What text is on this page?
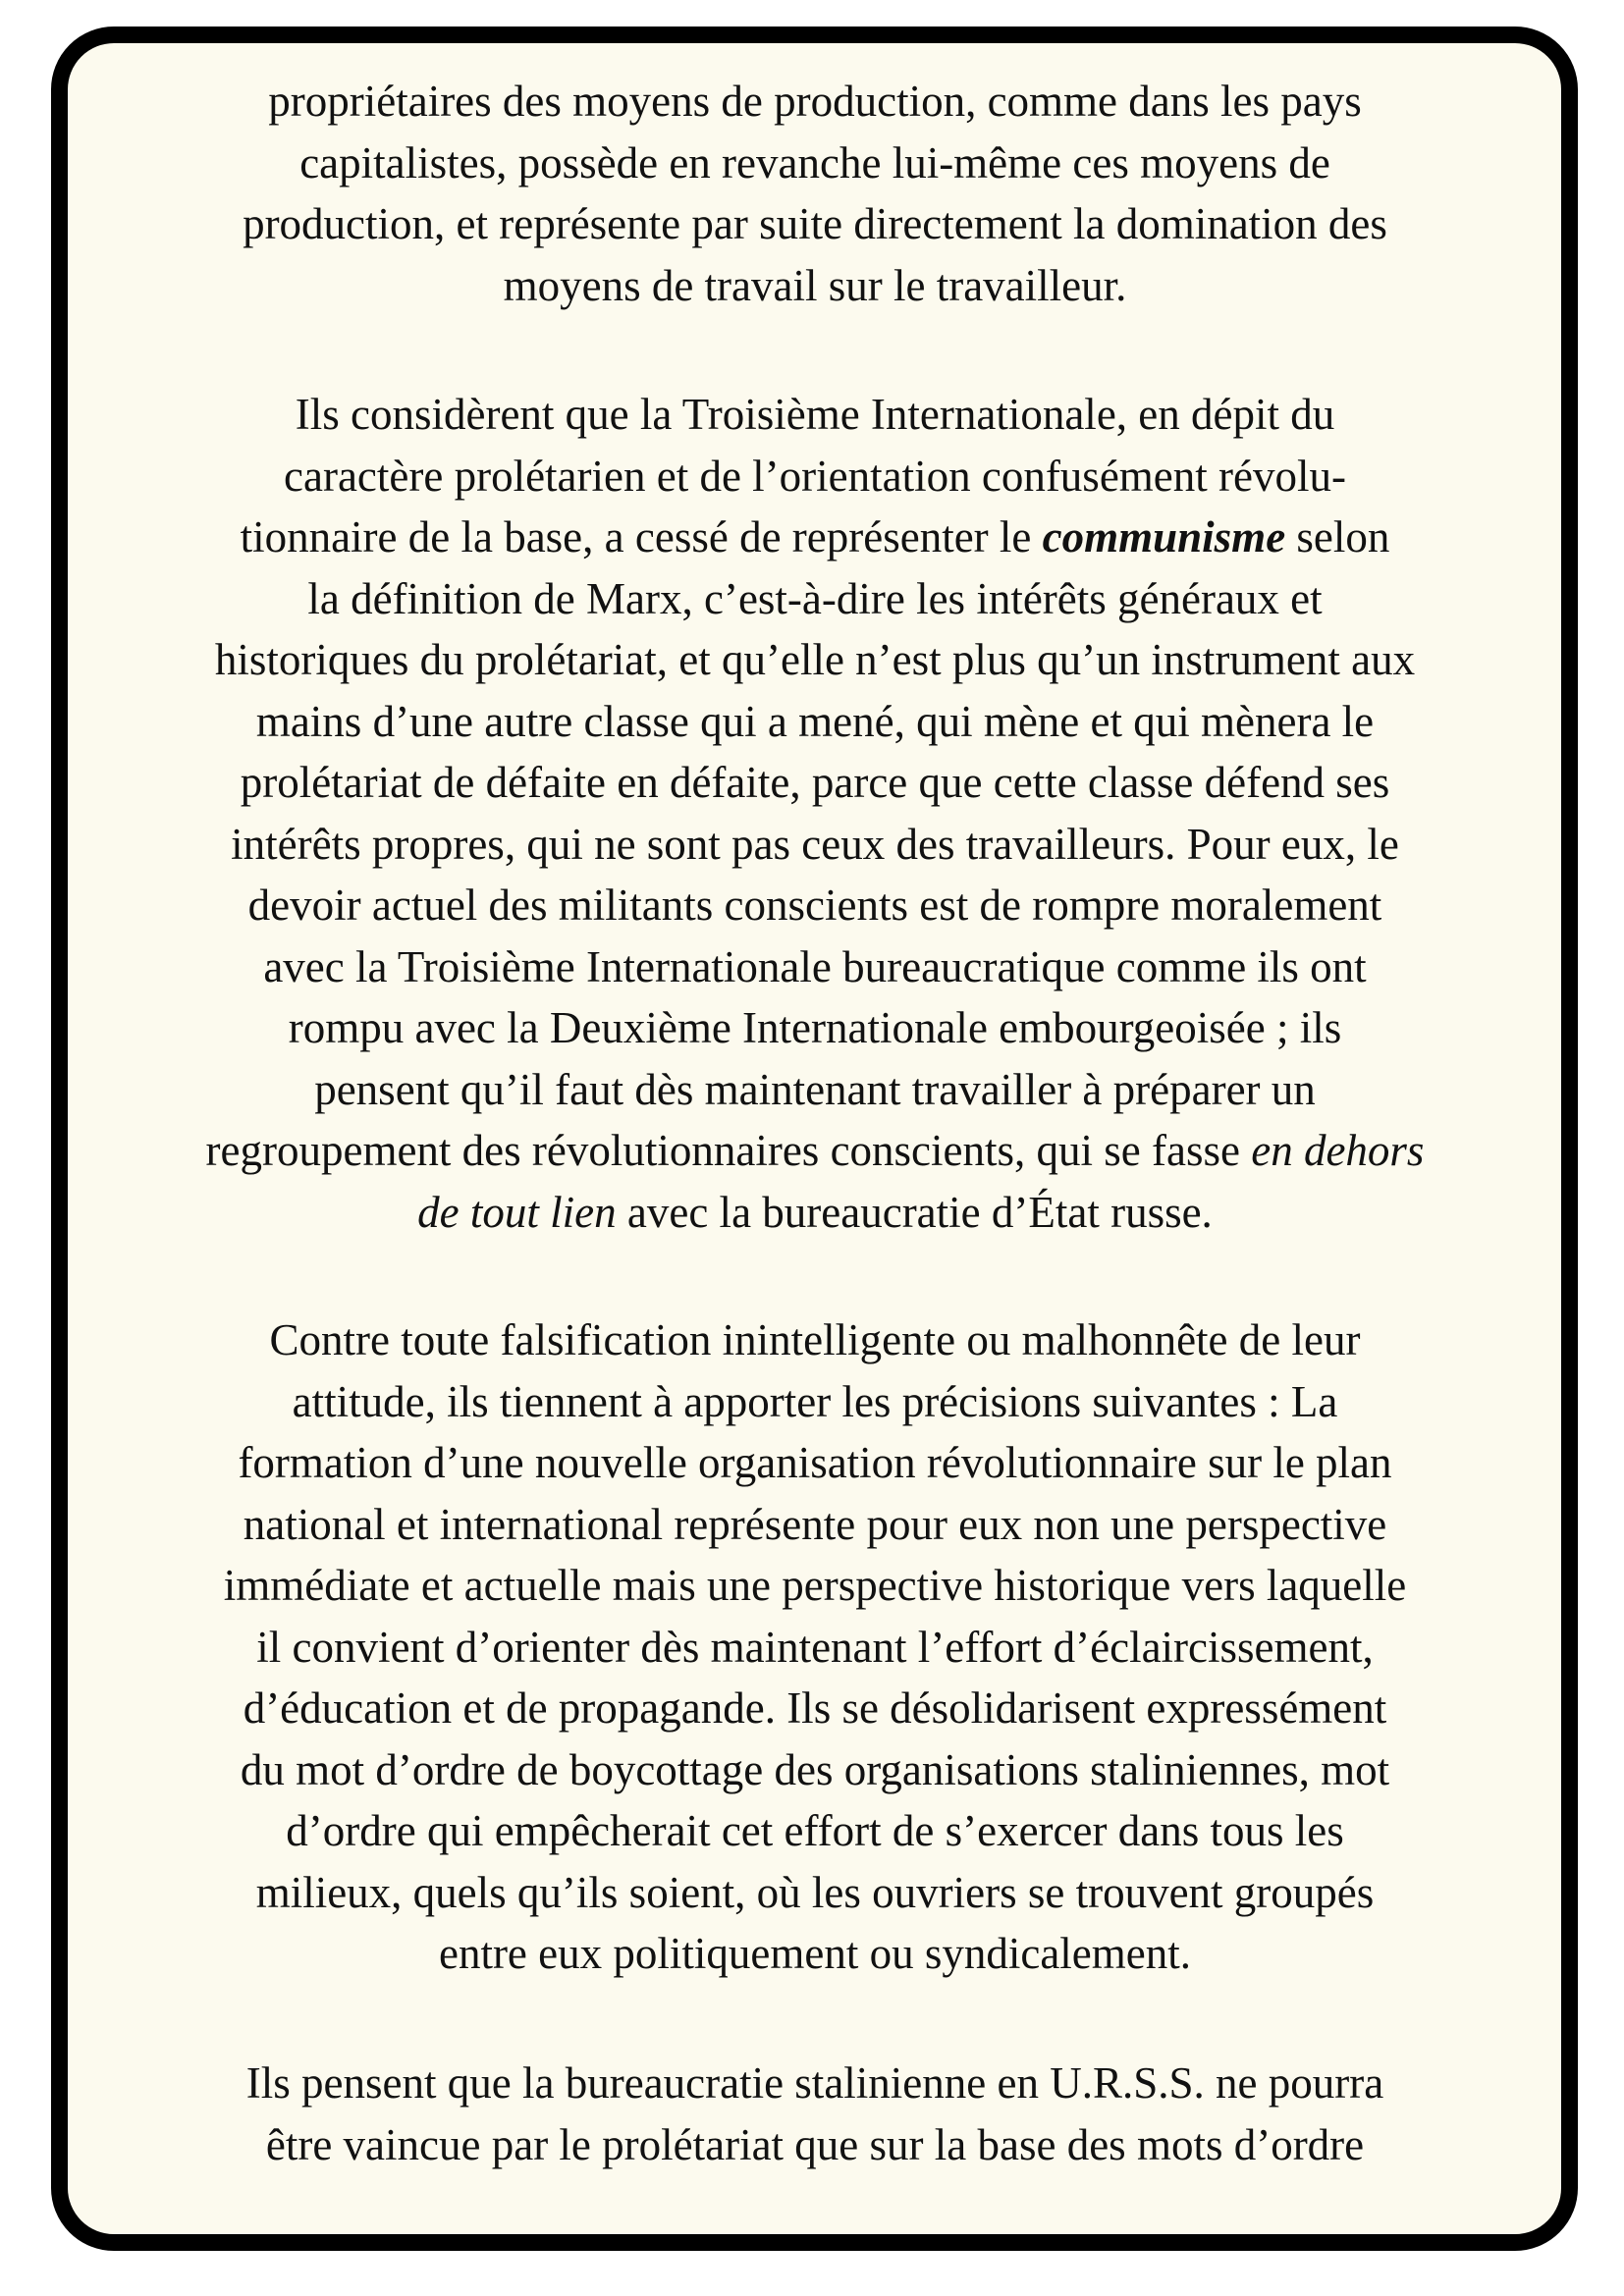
propriétaires des moyens de production, comme dans les pays
capitalistes, possède en revanche lui-même ces moyens de
production, et représente par suite directement la domination des
moyens de travail sur le travailleur.
Ils considèrent que la Troisième Internationale, en dépit du
caractère prolétarien et de l’orientation confusément révolu-
tionnaire de la base, a cessé de représenter le communisme selon
la définition de Marx, c’est-à-dire les intérêts généraux et
historiques du prolétariat, et qu’elle n’est plus qu’un instrument aux
mains d’une autre classe qui a mené, qui mène et qui mènera le
prolétariat de défaite en défaite, parce que cette classe défend ses
intérêts propres, qui ne sont pas ceux des travailleurs. Pour eux, le
devoir actuel des militants conscients est de rompre moralement
avec la Troisième Internationale bureaucratique comme ils ont
rompu avec la Deuxième Internationale embourgeoisée ; ils
pensent qu’il faut dès maintenant travailler à préparer un
regroupement des révolutionnaires conscients, qui se fasse en dehors
de tout lien avec la bureaucratie d’État russe.
Contre toute falsification inintelligente ou malhonnête de leur
attitude, ils tiennent à apporter les précisions suivantes : La
formation d’une nouvelle organisation révolutionnaire sur le plan
national et international représente pour eux non une perspective
immédiate et actuelle mais une perspective historique vers laquelle
il convient d’orienter dès maintenant l’effort d’éclaircissement,
d’éducation et de propagande. Ils se désolidarisent expressément
du mot d’ordre de boycottage des organisations staliniennes, mot
d’ordre qui empêcherait cet effort de s’exercer dans tous les
milieux, quels qu’ils soient, où les ouvriers se trouvent groupés
entre eux politiquement ou syndicalement.
Ils pensent que la bureaucratie stalinienne en U.R.S.S. ne pourra
être vaincue par le prolétariat que sur la base des mots d’ordre
